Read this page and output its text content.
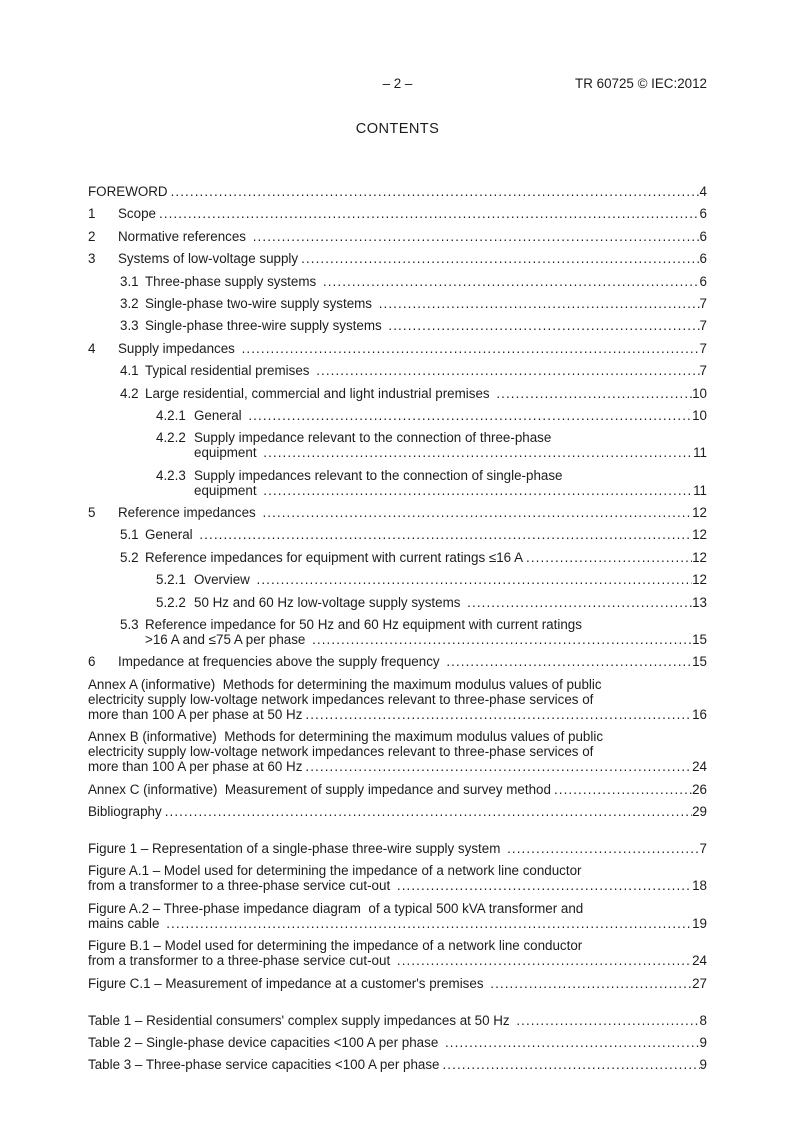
– 2 –	TR 60725 © IEC:2012
CONTENTS
FOREWORD .....	4
1	Scope .....	6
2	Normative references .....	6
3	Systems of low-voltage supply .....	6
3.1 Three-phase supply systems .....	6
3.2 Single-phase two-wire supply systems .....	7
3.3 Single-phase three-wire supply systems .....	7
4	Supply impedances .....	7
4.1 Typical residential premises .....	7
4.2 Large residential, commercial and light industrial premises .....	10
4.2.1 General .....	10
4.2.2 Supply impedance relevant to the connection of three-phase
equipment .....	11
4.2.3 Supply impedances relevant to the connection of single-phase
equipment .....	11
5	Reference impedances .....	12
5.1 General .....	12
5.2 Reference impedances for equipment with current ratings ≤16 A .....	12
5.2.1 Overview .....	12
5.2.2 50 Hz and 60 Hz low-voltage supply systems .....	13
5.3 Reference impedance for 50 Hz and 60 Hz equipment with current ratings
>16 A and ≤75 A per phase .....	15
6	Impedance at frequencies above the supply frequency .....	15
Annex A (informative)  Methods for determining the maximum modulus values of public
electricity supply low-voltage network impedances relevant to three-phase services of
more than 100 A per phase at 50 Hz .....	16
Annex B (informative)  Methods for determining the maximum modulus values of public
electricity supply low-voltage network impedances relevant to three-phase services of
more than 100 A per phase at 60 Hz .....	24
Annex C (informative)  Measurement of supply impedance and survey method .....	26
Bibliography .....	29
Figure 1 – Representation of a single-phase three-wire supply system .....	7
Figure A.1 – Model used for determining the impedance of a network line conductor
from a transformer to a three-phase service cut-out .....	18
Figure A.2 – Three-phase impedance diagram  of a typical 500 kVA transformer and
mains cable .....	19
Figure B.1 – Model used for determining the impedance of a network line conductor
from a transformer to a three-phase service cut-out .....	24
Figure C.1 – Measurement of impedance at a customer's premises .....	27
Table 1 – Residential consumers' complex supply impedances at 50 Hz .....	8
Table 2 – Single-phase device capacities <100 A per phase .....	9
Table 3 – Three-phase service capacities <100 A per phase .....	9
